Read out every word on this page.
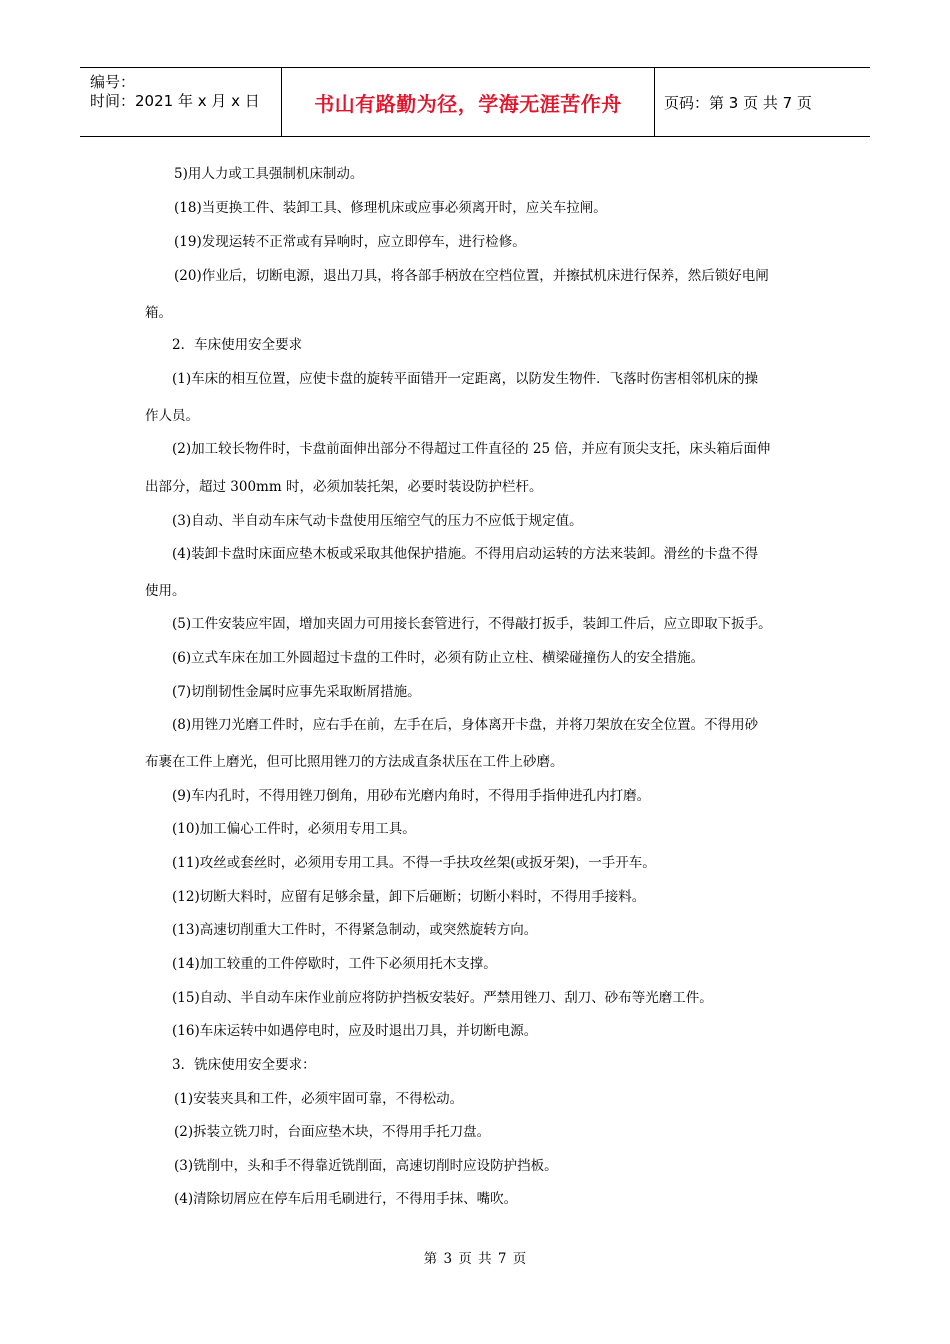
编号：
时间：2021 年 x 月 x 日	书山有路勤为径，学海无涯苦作舟	页码：第 3 页 共 7 页
5)用人力或工具强制机床制动。
(18)当更换工件、装卸工具、修理机床或应事必须离开时，应关车拉闸。
(19)发现运转不正常或有异响时，应立即停车，进行检修。
(20)作业后，切断电源，退出刀具，将各部手柄放在空档位置，并擦拭机床进行保养，然后锁好电闸
箱。
2．车床使用安全要求
(1)车床的相互位置，应使卡盘的旋转平面错开一定距离，以防发生物件．飞落时伤害相邻机床的操
作人员。
(2)加工较长物件时，卡盘前面伸出部分不得超过工件直径的 25 倍，并应有顶尖支托，床头箱后面伸
出部分，超过 300mm 时，必须加装托架，必要时装设防护栏杆。
(3)自动、半自动车床气动卡盘使用压缩空气的压力不应低于规定值。
(4)装卸卡盘时床面应垫木板或采取其他保护措施。不得用启动运转的方法来装卸。滑丝的卡盘不得
使用。
(5)工件安装应牢固，增加夹固力可用接长套管进行，不得敲打扳手，装卸工件后，应立即取下扳手。
(6)立式车床在加工外圆超过卡盘的工件时，必须有防止立柱、横梁碰撞伤人的安全措施。
(7)切削韧性金属时应事先采取断屑措施。
(8)用锉刀光磨工件时，应右手在前，左手在后，身体离开卡盘，并将刀架放在安全位置。不得用砂
布裹在工件上磨光，但可比照用锉刀的方法成直条状压在工件上砂磨。
(9)车内孔时，不得用锉刀倒角，用砂布光磨内角时，不得用手指伸进孔内打磨。
(10)加工偏心工件时，必须用专用工具。
(11)攻丝或套丝时，必须用专用工具。不得一手扶攻丝架(或扳牙架)，一手开车。
(12)切断大料时，应留有足够余量，卸下后砸断；切断小料时，不得用手接料。
(13)高速切削重大工件时，不得紧急制动，或突然旋转方向。
(14)加工较重的工件停歇时，工件下必须用托木支撑。
(15)自动、半自动车床作业前应将防护挡板安装好。严禁用锉刀、刮刀、砂布等光磨工件。
(16)车床运转中如遇停电时，应及时退出刀具，并切断电源。
3．铣床使用安全要求：
(1)安装夹具和工件，必须牢固可靠，不得松动。
(2)拆装立铣刀时，台面应垫木块，不得用手托刀盘。
(3)铣削中，头和手不得靠近铣削面，高速切削时应设防护挡板。
(4)清除切屑应在停车后用毛刷进行，不得用手抹、嘴吹。
第 3 页 共 7 页
